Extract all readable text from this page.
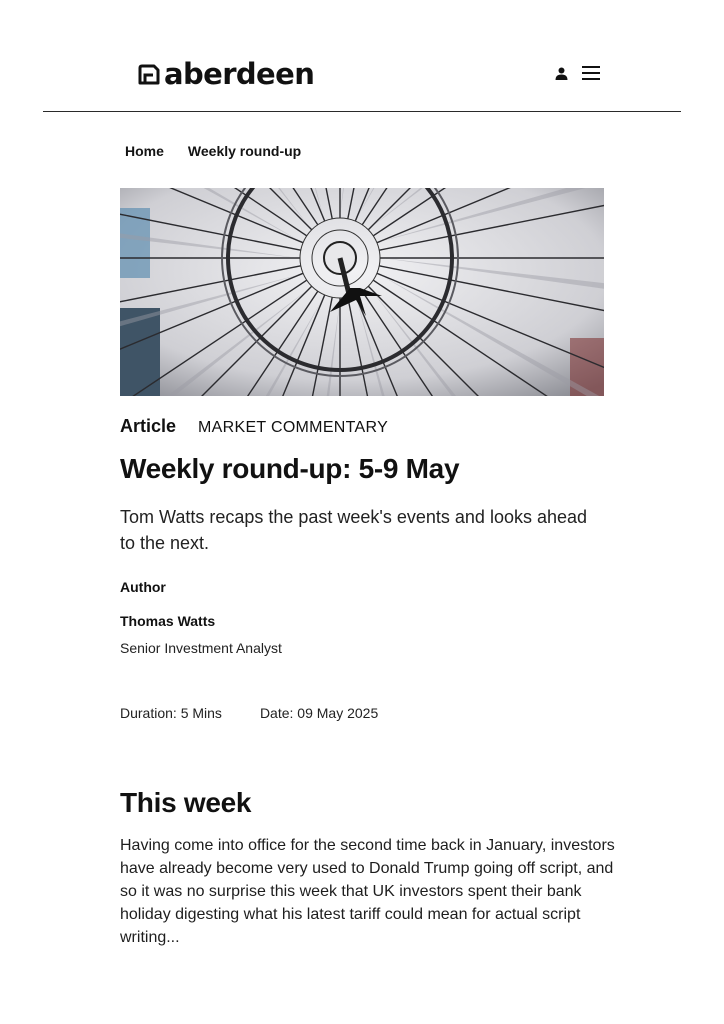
aberdeen
Home Weekly round-up
Article MARKET COMMENTARY
Weekly round-up: 5-9 May

Tom Watts recaps the past week's events and looks ahead to the next.

Author
Thomas Watts
Senior Investment Analyst
Duration: 5 Mins	Date: 09 May 2025
This week

Having come into office for the second time back in January, investors have already become very used to Donald Trump going off script, and so it was no surprise this week that UK investors spent their bank holiday digesting what his latest tariff could mean for actual script writing...
